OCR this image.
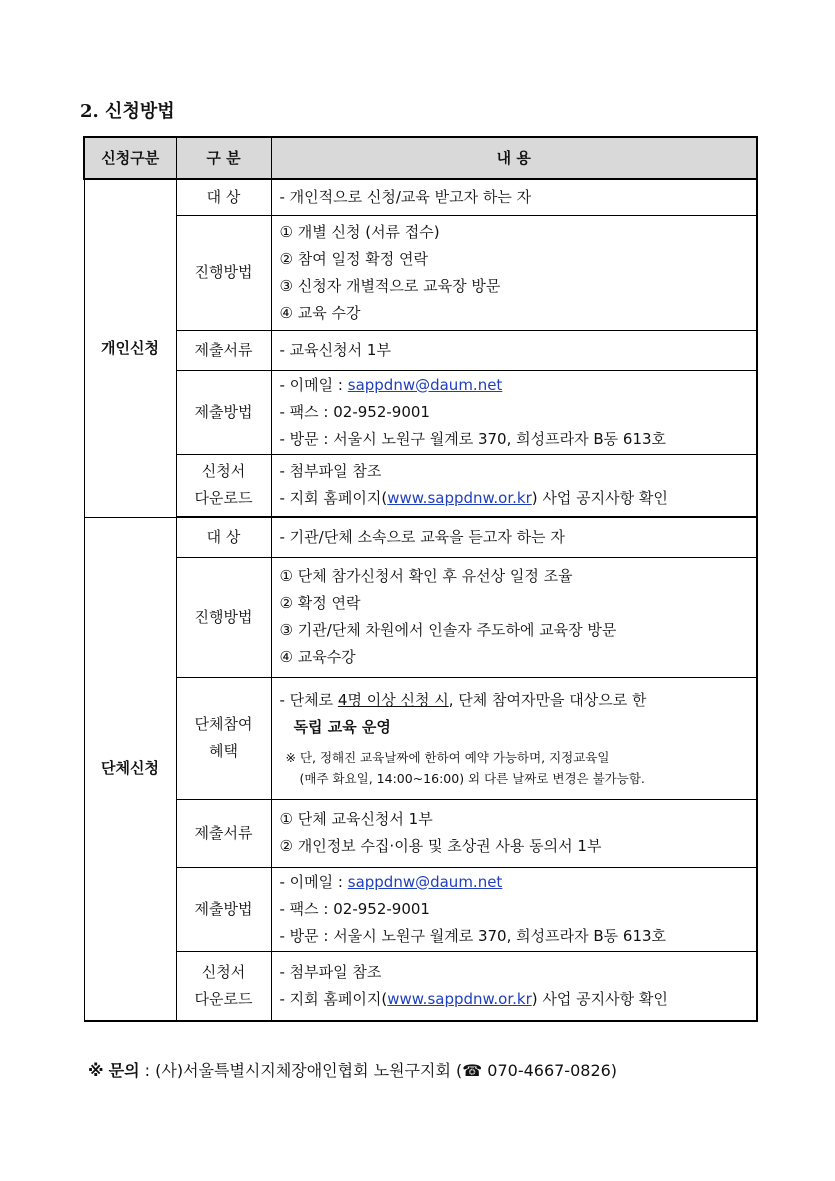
2. 신청방법
신청구분	구 분	내 용
개인신청	대 상	- 개인적으로 신청/교육 받고자 하는 자

	진행방법	① 개별 신청 (서류 접수)
② 참여 일정 확정 연락
③ 신청자 개별적으로 교육장 방문
④ 교육 수강

	제출서류	- 교육신청서 1부

	제출방법	- 이메일 : sappdnw@daum.net
- 팩스 : 02-952-9001
- 방문 : 서울시 노원구 월계로 370, 희성프라자 B동 613호

	신청서
다운로드	- 첨부파일 참조
- 지회 홈페이지(www.sappdnw.or.kr) 사업 공지사항 확인

단체신청	대 상	- 기관/단체 소속으로 교육을 듣고자 하는 자

	진행방법	① 단체 참가신청서 확인 후 유선상 일정 조율
② 확정 연락
③ 기관/단체 차원에서 인솔자 주도하에 교육장 방문
④ 교육수강

	단체참여
혜택	- 단체로 4명 이상 신청 시, 단체 참여자만을 대상으로 한
독립 교육 운영
※ 단, 정해진 교육날짜에 한하여 예약 가능하며, 지정교육일
(매주 화요일, 14:00~16:00) 외 다른 날짜로 변경은 불가능함.

	제출서류	① 단체 교육신청서 1부
② 개인정보 수집·이용 및 초상권 사용 동의서 1부

	제출방법	- 이메일 : sappdnw@daum.net
- 팩스 : 02-952-9001
- 방문 : 서울시 노원구 월계로 370, 희성프라자 B동 613호

	신청서
다운로드	- 첨부파일 참조
- 지회 홈페이지(www.sappdnw.or.kr) 사업 공지사항 확인
※ 문의 : (사)서울특별시지체장애인협회 노원구지회 (☎ 070-4667-0826)
